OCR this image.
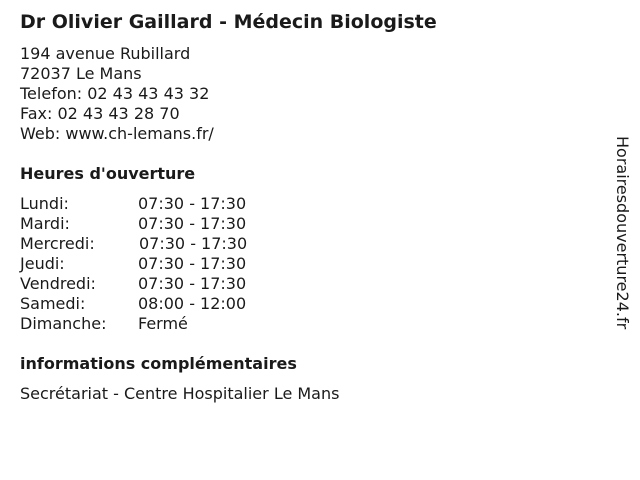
Dr Olivier Gaillard - Médecin Biologiste
194 avenue Rubillard
72037 Le Mans
Telefon: 02 43 43 43 32
Fax: 02 43 43 28 70
Web: www.ch-lemans.fr/
Heures d'ouverture
Lundi:	07:30 - 17:30
Mardi:	07:30 - 17:30
Mercredi:	07:30 - 17:30
Jeudi:	07:30 - 17:30
Vendredi:	07:30 - 17:30
Samedi:	08:00 - 12:00
Dimanche:	Fermé
informations complémentaires
Secrétariat - Centre Hospitalier Le Mans
Horairesdouverture24.fr
